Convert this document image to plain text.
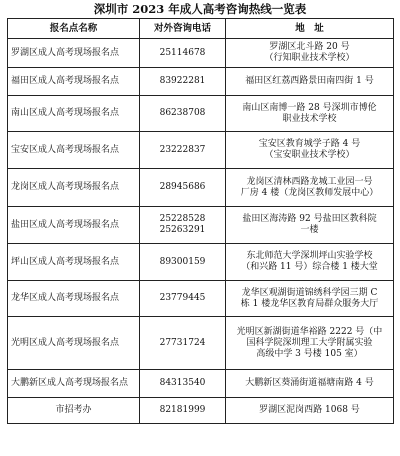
深圳市 2023 年成人高考咨询热线一览表
报名点名称	对外咨询电话	地　址
罗湖区成人高考现场报名点	25114678	罗湖区北斗路 20 号
（行知职业技术学校）

福田区成人高考现场报名点	83922281	福田区红荔西路景田南四街 1 号

南山区成人高考现场报名点	86238708	南山区南博一路 28 号深圳市博伦
职业技术学校

宝安区成人高考现场报名点	23222837	宝安区教育城学子路 4 号
（宝安职业技术学校）

龙岗区成人高考现场报名点	28945686	龙岗区清林西路龙城工业园一号
厂房 4 楼（龙岗区教师发展中心）

盐田区成人高考现场报名点	25228528
25263291	盐田区海涛路 92 号盐田区教科院
一楼

坪山区成人高考现场报名点	89300159	东北师范大学深圳坪山实验学校
（和兴路 11 号）综合楼 1 楼大堂

龙华区成人高考现场报名点	23779445	龙华区观湖街道锦绣科学园三期 C
栋 1 楼龙华区教育局群众服务大厅

光明区成人高考现场报名点	27731724	光明区新湖街道华裕路 2222 号（中
国科学院深圳理工大学附属实验
高级中学 3 号楼 105 室）

大鹏新区成人高考现场报名点	84313540	大鹏新区葵涌街道福塘南路 4 号

市招考办	82181999	罗湖区泥岗西路 1068 号
